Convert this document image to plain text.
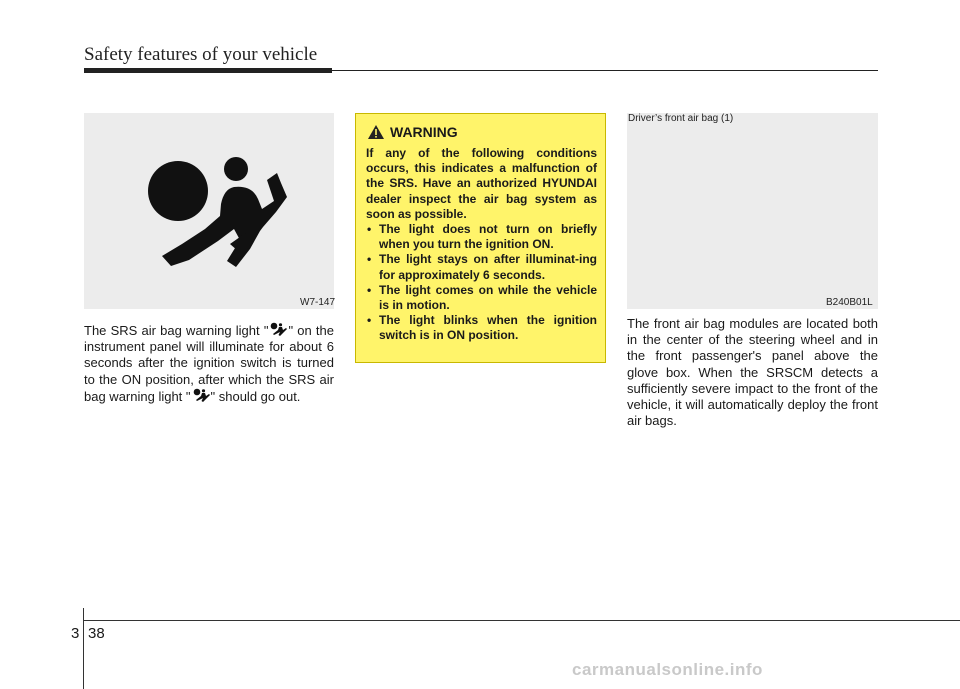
Safety features of your vehicle
W7-147
The SRS air bag warning light " " on the instrument panel will illuminate for about 6 seconds after the ignition switch is turned to the ON position, after which the SRS air bag warning light " " should go out.
WARNING
If any of the following conditions occurs, this indicates a malfunction of the SRS. Have an authorized HYUNDAI dealer inspect the air bag system as soon as possible.
• The light does not turn on briefly when you turn the ignition ON.
• The light stays on after illuminat-ing for approximately 6 seconds.
• The light comes on while the vehicle is in motion.
• The light blinks when the ignition switch is in ON position.
Driver’s front air bag (1)
B240B01L
The front air bag modules are located both in the center of the steering wheel and in the front passenger's panel above the glove box. When the SRSCM detects a sufficiently severe impact to the front of the vehicle, it will automatically deploy the front air bags.
3 38
carmanualsonline.info
